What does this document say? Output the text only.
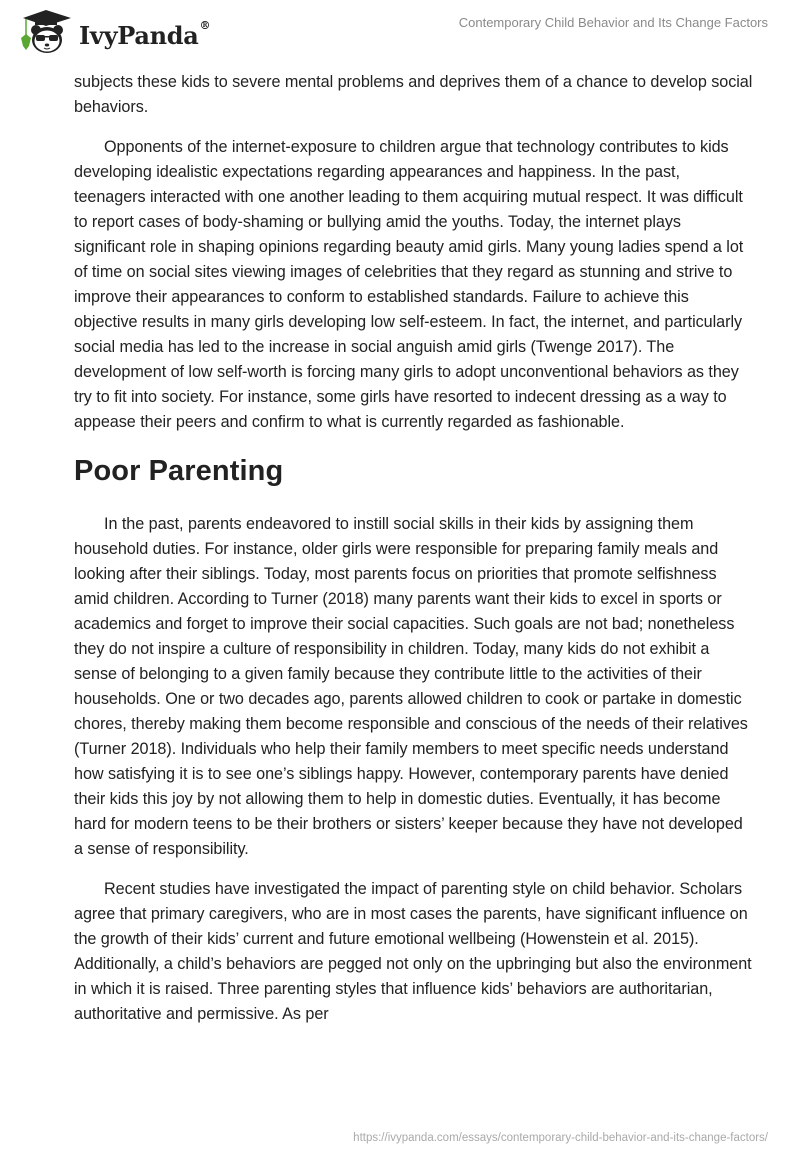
IvyPanda®	Contemporary Child Behavior and Its Change Factors

subjects these kids to severe mental problems and deprives them of a chance to develop social behaviors.

Opponents of the internet-exposure to children argue that technology contributes to kids developing idealistic expectations regarding appearances and happiness. In the past, teenagers interacted with one another leading to them acquiring mutual respect. It was difficult to report cases of body-shaming or bullying amid the youths. Today, the internet plays significant role in shaping opinions regarding beauty amid girls. Many young ladies spend a lot of time on social sites viewing images of celebrities that they regard as stunning and strive to improve their appearances to conform to established standards. Failure to achieve this objective results in many girls developing low self-esteem. In fact, the internet, and particularly social media has led to the increase in social anguish amid girls (Twenge 2017). The development of low self-worth is forcing many girls to adopt unconventional behaviors as they try to fit into society. For instance, some girls have resorted to indecent dressing as a way to appease their peers and confirm to what is currently regarded as fashionable.

Poor Parenting

In the past, parents endeavored to instill social skills in their kids by assigning them household duties. For instance, older girls were responsible for preparing family meals and looking after their siblings. Today, most parents focus on priorities that promote selfishness amid children. According to Turner (2018) many parents want their kids to excel in sports or academics and forget to improve their social capacities. Such goals are not bad; nonetheless they do not inspire a culture of responsibility in children. Today, many kids do not exhibit a sense of belonging to a given family because they contribute little to the activities of their households. One or two decades ago, parents allowed children to cook or partake in domestic chores, thereby making them become responsible and conscious of the needs of their relatives (Turner 2018). Individuals who help their family members to meet specific needs understand how satisfying it is to see one’s siblings happy. However, contemporary parents have denied their kids this joy by not allowing them to help in domestic duties. Eventually, it has become hard for modern teens to be their brothers or sisters’ keeper because they have not developed a sense of responsibility.

Recent studies have investigated the impact of parenting style on child behavior. Scholars agree that primary caregivers, who are in most cases the parents, have significant influence on the growth of their kids’ current and future emotional wellbeing (Howenstein et al. 2015). Additionally, a child’s behaviors are pegged not only on the upbringing but also the environment in which it is raised. Three parenting styles that influence kids’ behaviors are authoritarian, authoritative and permissive. As per

https://ivypanda.com/essays/contemporary-child-behavior-and-its-change-factors/
